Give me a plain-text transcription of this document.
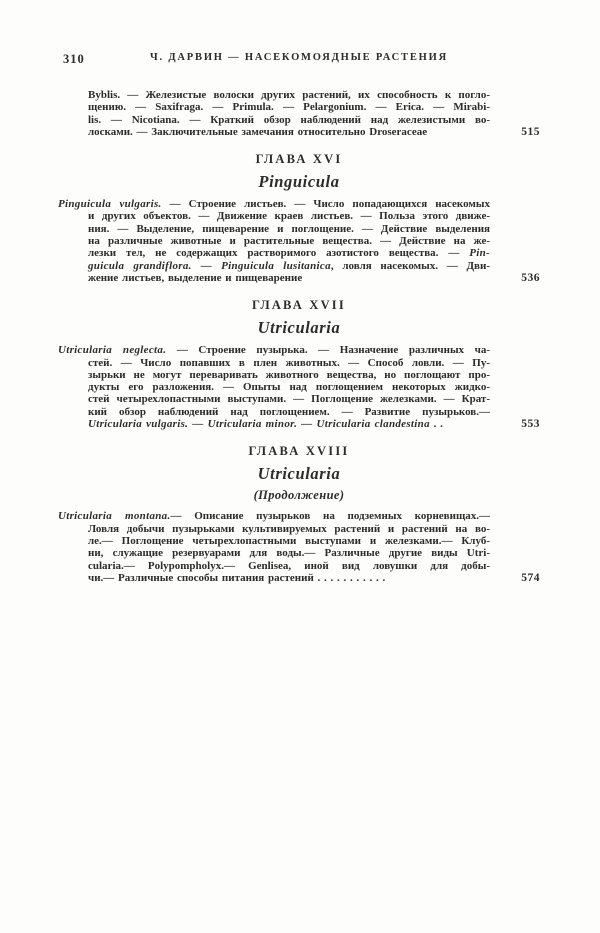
310	Ч. ДАРВИН — НАСЕКОМОЯДНЫЕ РАСТЕНИЯ
Byblis. — Железистые волоски других растений, их способность к погло-
щению. — Saxifraga. — Primula. — Pelargonium. — Erica. — Mirabi-
lis. — Nicotiana. — Краткий обзор наблюдений над железистыми во-
лосками. — Заключительные замечания относительно Droseraceae	515
ГЛАВА XVI
Pinguicula
Pinguicula vulgaris. — Строение листьев. — Число попадающихся насекомых
и других объектов. — Движение краев листьев. — Польза этого движе-
ния. — Выделение, пищеварение и поглощение. — Действие выделения
на различные животные и растительные вещества. — Действие на же-
лезки тел, не содержащих растворимого азотистого вещества. — Pin-
guicula grandiflora. — Pinguicula lusitanica, ловля насекомых. — Дви-
жение листьев, выделение и пищеварение	536
ГЛАВА XVII
Utricularia
Utricularia neglecta. — Строение пузырька. — Назначение различных ча-
стей. — Число попавших в плен животных. — Способ ловли. — Пу-
зырьки не могут переваривать животного вещества, но поглощают про-
дукты его разложения. — Опыты над поглощением некоторых жидко-
стей четырехлопастными выступами. — Поглощение железками. — Крат-
кий обзор наблюдений над поглощением. — Развитие пузырьков.—
Utricularia vulgaris. — Utricularia minor. — Utricularia clandestina . .	553
ГЛАВА XVIII
Utricularia
(Продолжение)
Utricularia montana.— Описание пузырьков на подземных корневищах.—
Ловля добычи пузырьками культивируемых растений и растений на во-
ле.— Поглощение четырехлопастными выступами и железками.— Клуб-
ни, служащие резервуарами для воды.— Различные другие виды Utri-
cularia.— Polypompholyx.— Genlisea, иной вид ловушки для добы-
чи.— Различные способы питания растений . . . . . . . . . . .	574
